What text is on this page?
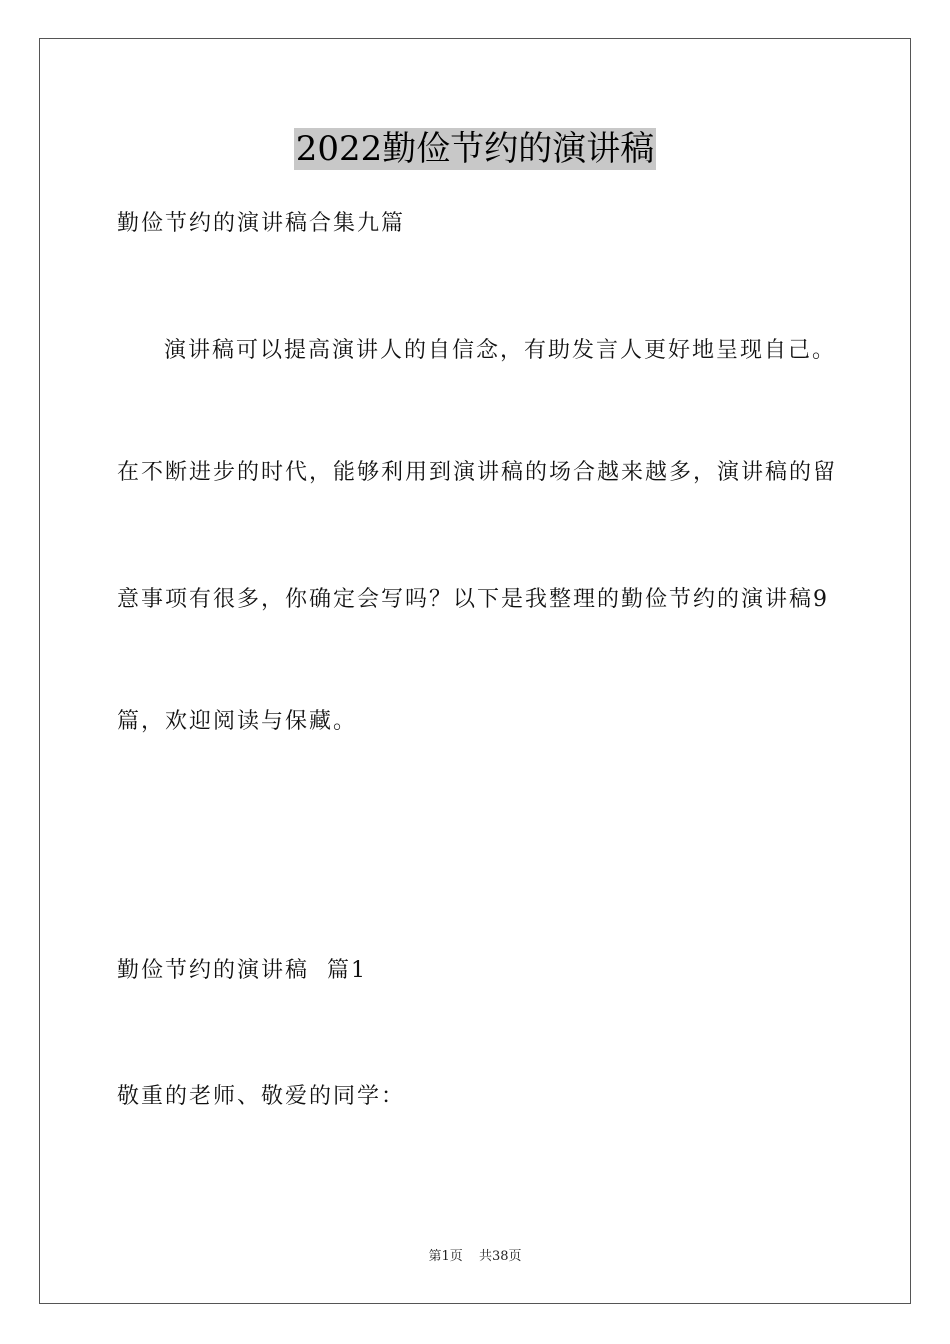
2022勤俭节约的演讲稿
勤俭节约的演讲稿合集九篇
演讲稿可以提高演讲人的自信念，有助发言人更好地呈现自己。
在不断进步的时代，能够利用到演讲稿的场合越来越多，演讲稿的留
意事项有很多，你确定会写吗？以下是我整理的勤俭节约的演讲稿9
篇，欢迎阅读与保藏。
勤俭节约的演讲稿  篇1
敬重的老师、敬爱的同学：
第1页 共38页
